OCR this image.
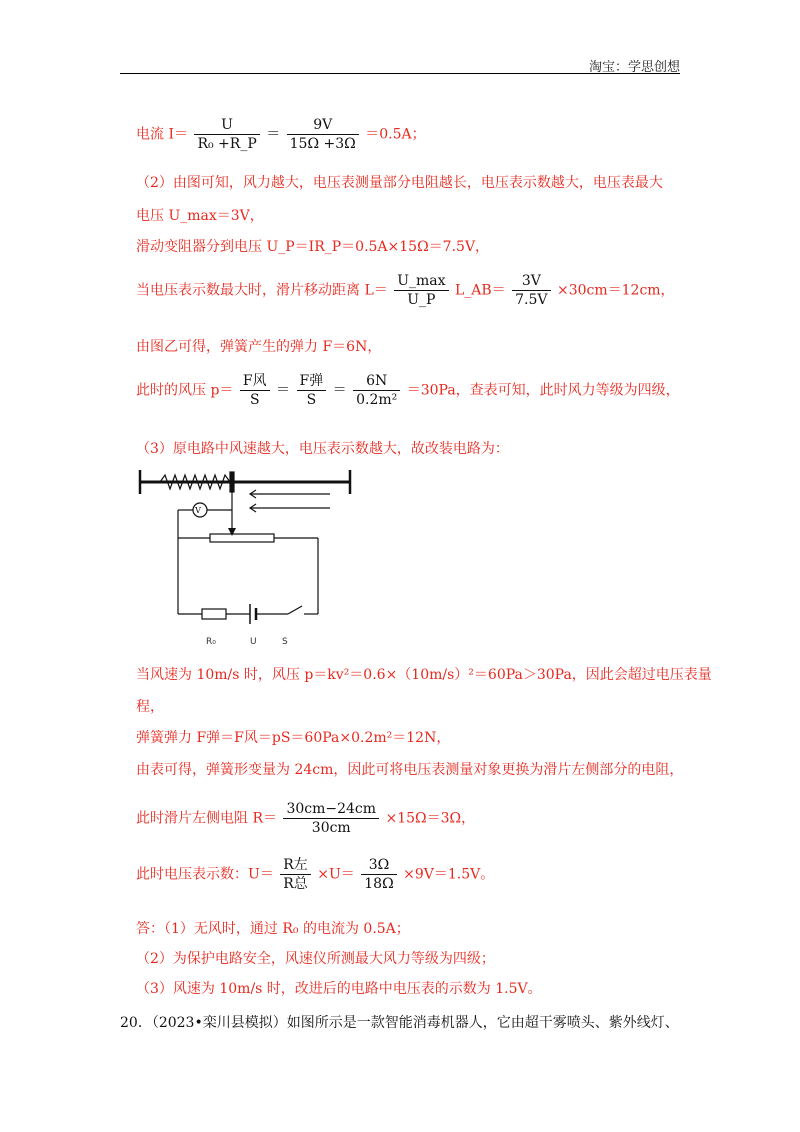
淘宝：学思创想
电流 $I= \frac{U}{\text{R₀ +R\_P}} = \frac{9V}{15\Omega +3\Omega} =0.5A$；
（2）由图可知，风力越大，电压表测量部分电阻越长，电压表示数越大，电压表最大
电压 U_max＝3V，
滑动变阻器分到电压 U_P＝IR_P＝0.5A×15Ω＝7.5V，
当电压表示数最大时，滑片移动距离 $L= \frac{U\_\max}{U\_P}$ L_AB＝ $\frac{3V}{7.5V} \times 30cm=12cm$，
由图乙可得，弹簧产生的弹力 F＝6N，
此时的风压 $p= \frac{\text{F风}}{S} = \frac{\text{F弹}}{S} = \frac{6N}{\text{0.2m²}} =30Pa$，查表可知，此时风力等级为四级，
（3）原电路中风速越大，电压表示数越大，故改装电路为：
V
R₀	U	S
当风速为 10m/s 时，风压 p＝kv²＝0.6×（10m/s）²＝60Pa＞30Pa，因此会超过电压表量
程，
弹簧弹力 F弹＝F风＝pS＝60Pa×0.2m²＝12N，
由表可得，弹簧形变量为 24cm，因此可将电压表测量对象更换为滑片左侧部分的电阻，
此时滑片左侧电阻 $R= \frac{30cm-24cm}{30cm} \times 15\Omega=3\Omega$，
此时电压表示数：$U= \frac{\text{R左}}{\text{R总}} \times U= \frac{3\Omega}{18\Omega} \times 9V=1.5V$。
答：（1）无风时，通过 R₀ 的电流为 0.5A；
（2）为保护电路安全，风速仪所测最大风力等级为四级；
（3）风速为 10m/s 时，改进后的电路中电压表的示数为 1.5V。
20．（2023•栾川县模拟）如图所示是一款智能消毒机器人，它由超干雾喷头、紫外线灯、
